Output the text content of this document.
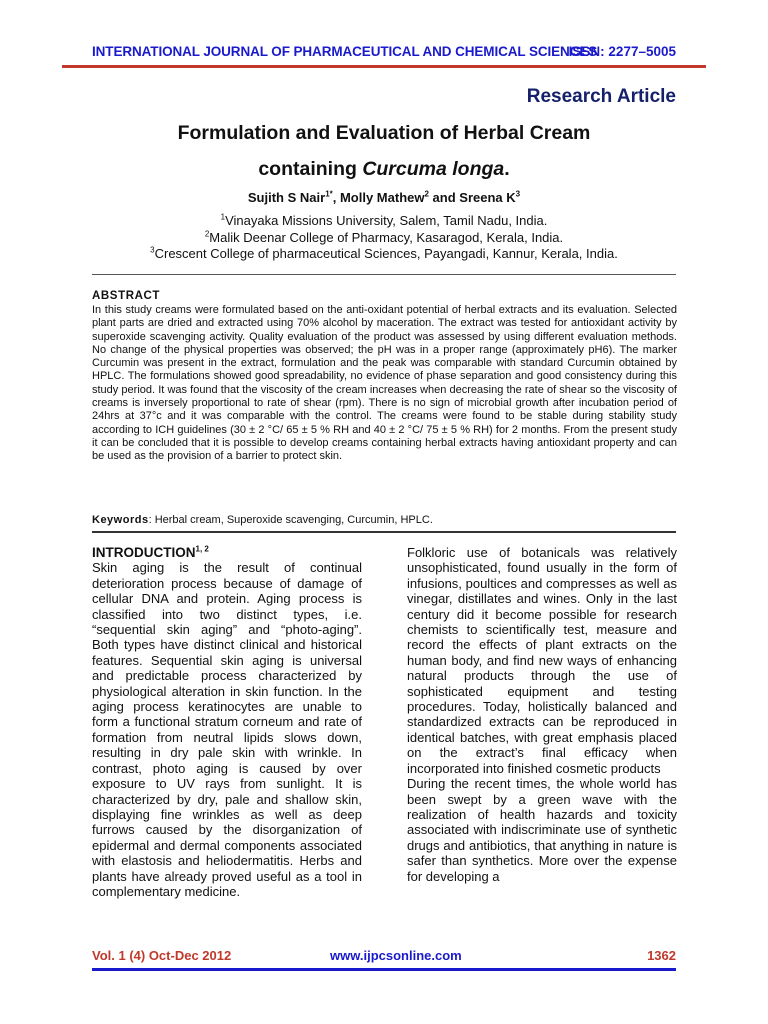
INTERNATIONAL JOURNAL OF PHARMACEUTICAL AND CHEMICAL SCIENCES
ISSN: 2277–5005
Research Article
Formulation and Evaluation of Herbal Cream
containing Curcuma longa.
Sujith S Nair$^{1*}$, Molly Mathew$^2$ and Sreena $K^3$
$^1$Vinayaka Missions University, Salem, Tamil Nadu, India.
$^2$Malik Deenar College of Pharmacy, Kasaragod, Kerala, India.
$^3$Crescent College of pharmaceutical Sciences, Payangadi, Kannur, Kerala, India.
ABSTRACT
In this study creams were formulated based on the anti-oxidant potential of herbal extracts and its evaluation. Selected plant parts are dried and extracted using 70% alcohol by maceration. The extract was tested for antioxidant activity by superoxide scavenging activity. Quality evaluation of the product was assessed by using different evaluation methods. No change of the physical properties was observed; the pH was in a proper range (approximately pH6). The marker Curcumin was present in the extract, formulation and the peak was comparable with standard Curcumin obtained by HPLC. The formulations showed good spreadability, no evidence of phase separation and good consistency during this study period. It was found that the viscosity of the cream increases when decreasing the rate of shear so the viscosity of creams is inversely proportional to rate of shear (rpm). There is no sign of microbial growth after incubation period of 24hrs at 37°c and it was comparable with the control. The creams were found to be stable during stability study according to ICH guidelines (30 ± 2 °C/ 65 ± 5 % RH and 40 ± 2 °C/ 75 ± 5 % RH) for 2 months. From the present study it can be concluded that it is possible to develop creams containing herbal extracts having antioxidant property and can be used as the provision of a barrier to protect skin.
Keywords: Herbal cream, Superoxide scavenging, Curcumin, HPLC.
INTRODUCTION$^{1, 2}$

Skin aging is the result of continual deterioration process because of damage of cellular DNA and protein. Aging process is classified into two distinct types, i.e. “sequential skin aging” and “photo-aging”. Both types have distinct clinical and historical features. Sequential skin aging is universal and predictable process characterized by physiological alteration in skin function. In the aging process keratinocytes are unable to form a functional stratum corneum and rate of formation from neutral lipids slows down, resulting in dry pale skin with wrinkle. In contrast, photo aging is caused by over exposure to UV rays from sunlight. It is characterized by dry, pale and shallow skin, displaying fine wrinkles as well as deep furrows caused by the disorganization of epidermal and dermal components associated with elastosis and heliodermatitis. Herbs and plants have already proved useful as a tool in complementary medicine.

Folkloric use of botanicals was relatively unsophisticated, found usually in the form of infusions, poultices and compresses as well as vinegar, distillates and wines. Only in the last century did it become possible for research chemists to scientifically test, measure and record the effects of plant extracts on the human body, and find new ways of enhancing natural products through the use of sophisticated equipment and testing procedures. Today, holistically balanced and standardized extracts can be reproduced in identical batches, with great emphasis placed on the extract’s final efficacy when incorporated into finished cosmetic products

During the recent times, the whole world has been swept by a green wave with the realization of health hazards and toxicity associated with indiscriminate use of synthetic drugs and antibiotics, that anything in nature is safer than synthetics. More over the expense for developing a

Vol. 1 (4) Oct-Dec 2012	www.ijpcsonline.com	1362
